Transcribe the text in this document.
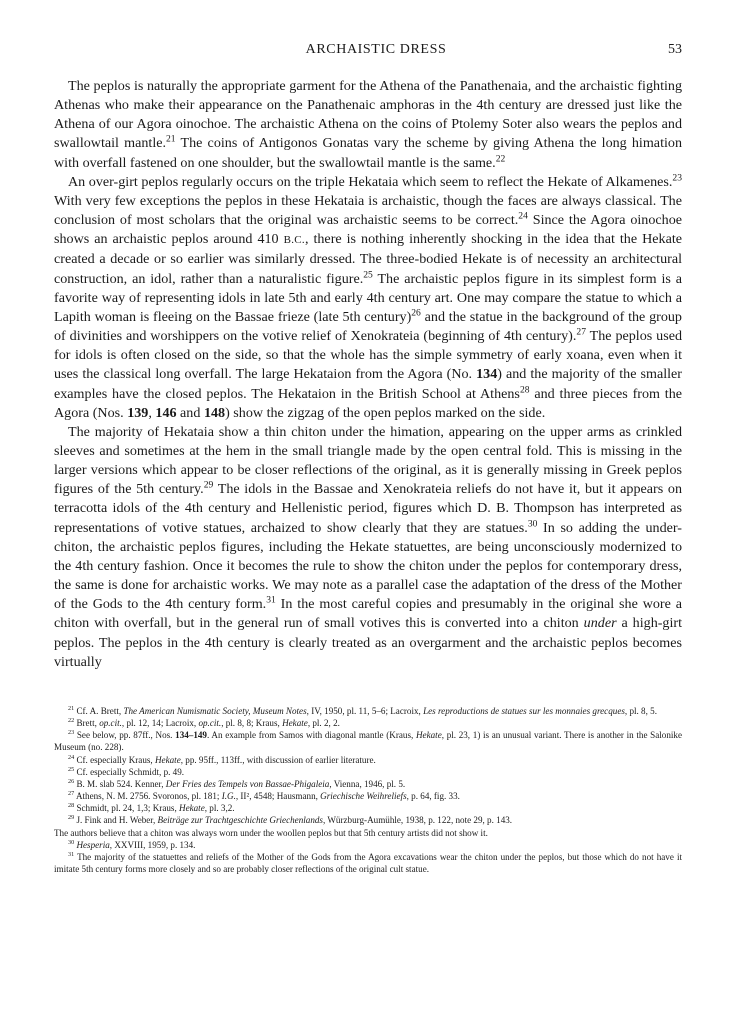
ARCHAISTIC DRESS	53

The peplos is naturally the appropriate garment for the Athena of the Panathenaia, and the archaistic fighting Athenas who make their appearance on the Panathenaic amphoras in the 4th century are dressed just like the Athena of our Agora oinochoe. The archaistic Athena on the coins of Ptolemy Soter also wears the peplos and swallowtail mantle.$^{21}$ The coins of Antigonos Gonatas vary the scheme by giving Athena the long himation with overfall fastened on one shoulder, but the swallowtail mantle is the same.$^{22}$

An over-girt peplos regularly occurs on the triple Hekataia which seem to reflect the Hekate of Alkamenes.$^{23}$ With very few exceptions the peplos in these Hekataia is archaistic, though the faces are always classical. The conclusion of most scholars that the original was archaistic seems to be correct.$^{24}$ Since the Agora oinochoe shows an archaistic peplos around 410 B.C., there is nothing inherently shocking in the idea that the Hekate created a decade or so earlier was similarly dressed. The three-bodied Hekate is of necessity an architectural construction, an idol, rather than a naturalistic figure.$^{25}$ The archaistic peplos figure in its simplest form is a favorite way of representing idols in late 5th and early 4th century art. One may compare the statue to which a Lapith woman is fleeing on the Bassae frieze (late 5th century)$^{26}$ and the statue in the background of the group of divinities and worshippers on the votive relief of Xenokrateia (beginning of 4th century).$^{27}$ The peplos used for idols is often closed on the side, so that the whole has the simple symmetry of early xoana, even when it uses the classical long overfall. The large Hekataion from the Agora (No. 134) and the majority of the smaller examples have the closed peplos. The Hekataion in the British School at Athens$^{28}$ and three pieces from the Agora (Nos. 139, 146 and 148) show the zigzag of the open peplos marked on the side.

The majority of Hekataia show a thin chiton under the himation, appearing on the upper arms as crinkled sleeves and sometimes at the hem in the small triangle made by the open central fold. This is missing in the larger versions which appear to be closer reflections of the original, as it is generally missing in Greek peplos figures of the 5th century.$^{29}$ The idols in the Bassae and Xenokrateia reliefs do not have it, but it appears on terracotta idols of the 4th century and Hellenistic period, figures which D. B. Thompson has interpreted as representations of votive statues, archaized to show clearly that they are statues.$^{30}$ In so adding the under-chiton, the archaistic peplos figures, including the Hekate statuettes, are being unconsciously modernized to the 4th century fashion. Once it becomes the rule to show the chiton under the peplos for contemporary dress, the same is done for archaistic works. We may note as a parallel case the adaptation of the dress of the Mother of the Gods to the 4th century form.$^{31}$ In the most careful copies and presumably in the original she wore a chiton with overfall, but in the general run of small votives this is converted into a chiton under a high-girt peplos. The peplos in the 4th century is clearly treated as an overgarment and the archaistic peplos becomes virtually

$^{21}$ Cf. A. Brett, The American Numismatic Society, Museum Notes, IV, 1950, pl. 11, 5–6; Lacroix, Les reproductions de statues sur les monnaies grecques, pl. 8, 5.

$^{22}$ Brett, op.cit., pl. 12, 14; Lacroix, op.cit., pl. 8, 8; Kraus, Hekate, pl. 2, 2.

$^{23}$ See below, pp. 87ff., Nos. 134–149. An example from Samos with diagonal mantle (Kraus, Hekate, pl. 23, 1) is an unusual variant. There is another in the Salonike Museum (no. 228).

$^{24}$ Cf. especially Kraus, Hekate, pp. 95ff., 113ff., with discussion of earlier literature.

$^{25}$ Cf. especially Schmidt, p. 49.

$^{26}$ B. M. slab 524. Kenner, Der Fries des Tempels von Bassae-Phigaleia, Vienna, 1946, pl. 5.

$^{27}$ Athens, N. M. 2756. Svoronos, pl. 181; I.G., II², 4548; Hausmann, Griechische Weihreliefs, p. 64, fig. 33.

$^{28}$ Schmidt, pl. 24, 1,3; Kraus, Hekate, pl. 3,2.

$^{29}$ J. Fink and H. Weber, Beiträge zur Trachtgeschichte Griechenlands, Würzburg-Aumühle, 1938, p. 122, note 29, p. 143.

The authors believe that a chiton was always worn under the woollen peplos but that 5th century artists did not show it.

$^{30}$ Hesperia, XXVIII, 1959, p. 134.

$^{31}$ The majority of the statuettes and reliefs of the Mother of the Gods from the Agora excavations wear the chiton under the peplos, but those which do not have it imitate 5th century forms more closely and so are probably closer reflections of the original cult statue.
